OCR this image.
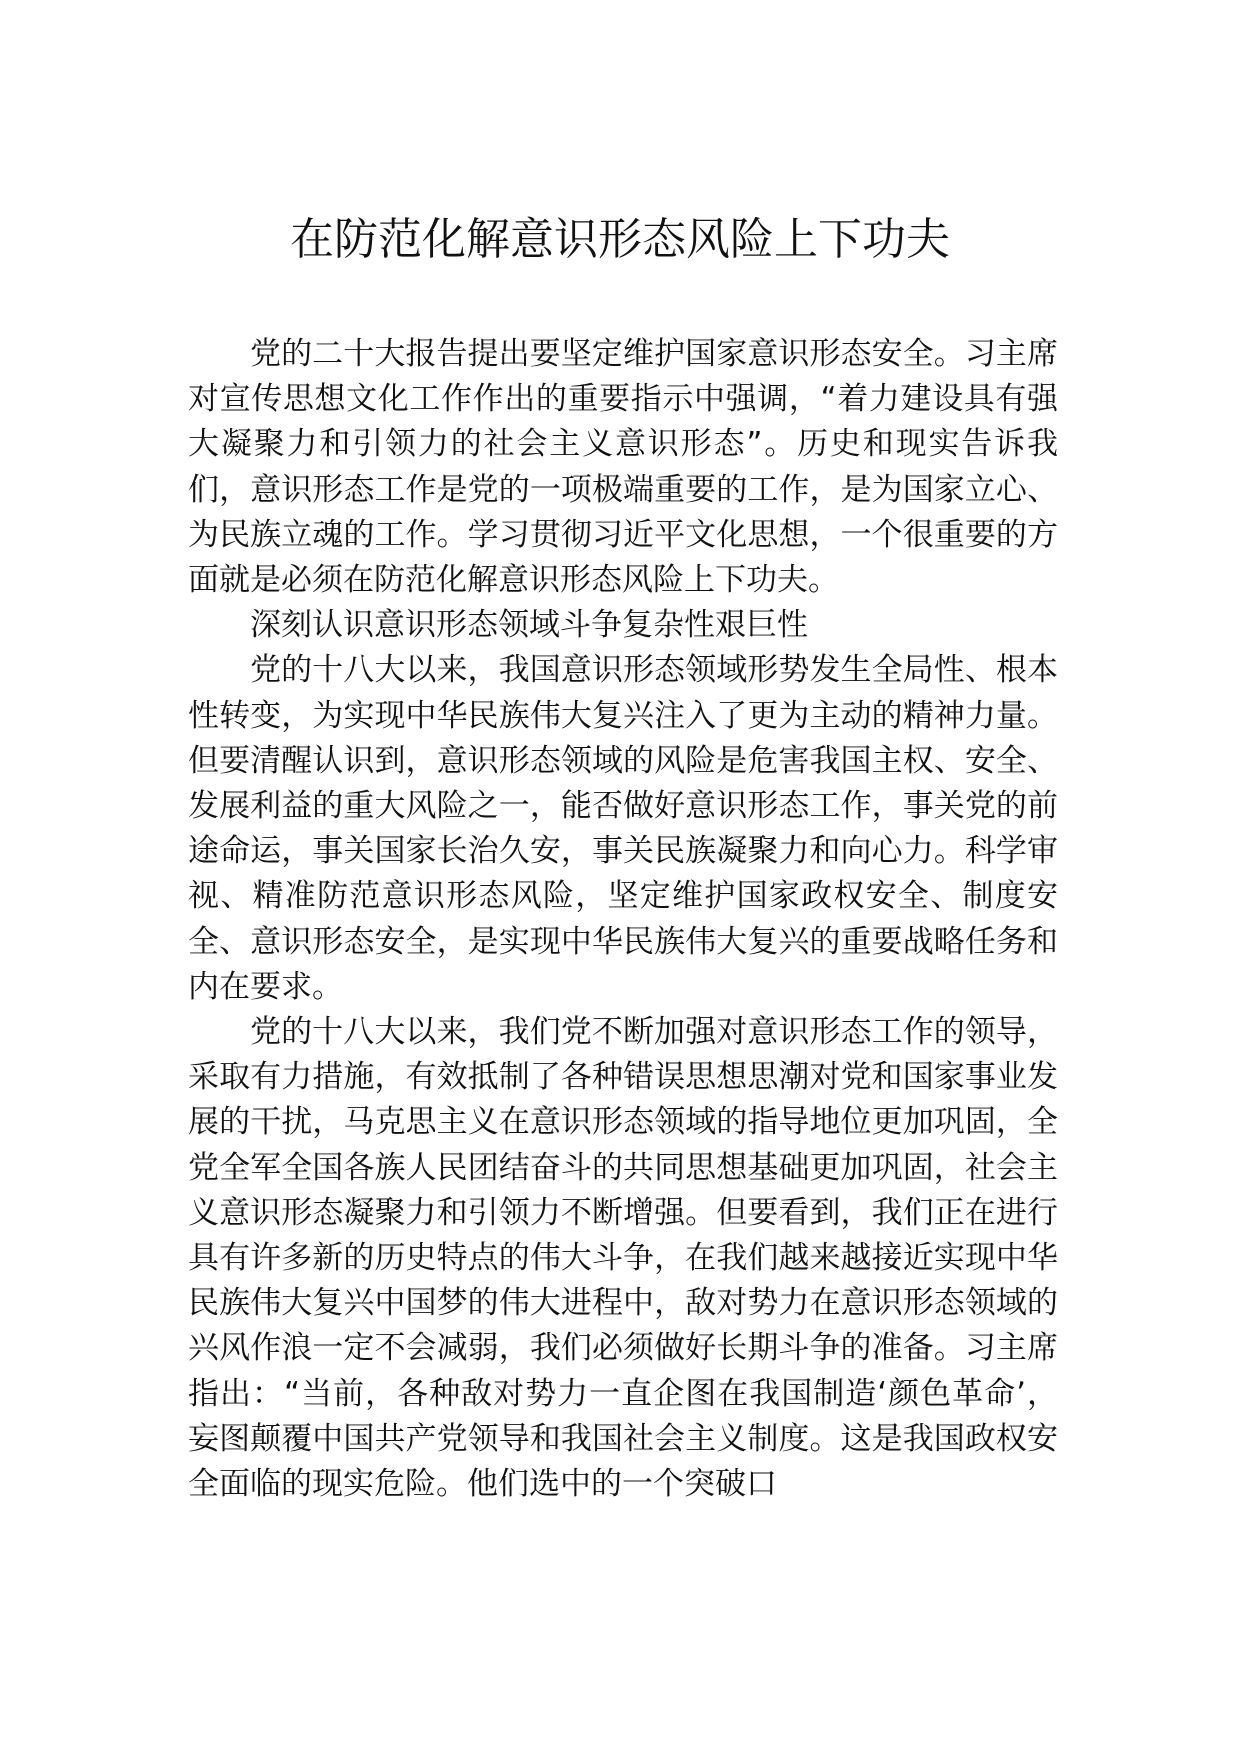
在防范化解意识形态风险上下功夫

党的二十大报告提出要坚定维护国家意识形态安全。习主席对宣传思想文化工作作出的重要指示中强调，“着力建设具有强大凝聚力和引领力的社会主义意识形态”。历史和现实告诉我们，意识形态工作是党的一项极端重要的工作，是为国家立心、为民族立魂的工作。学习贯彻习近平文化思想，一个很重要的方面就是必须在防范化解意识形态风险上下功夫。

深刻认识意识形态领域斗争复杂性艰巨性

党的十八大以来，我国意识形态领域形势发生全局性、根本性转变，为实现中华民族伟大复兴注入了更为主动的精神力量。但要清醒认识到，意识形态领域的风险是危害我国主权、安全、发展利益的重大风险之一，能否做好意识形态工作，事关党的前途命运，事关国家长治久安，事关民族凝聚力和向心力。科学审视、精准防范意识形态风险，坚定维护国家政权安全、制度安全、意识形态安全，是实现中华民族伟大复兴的重要战略任务和内在要求。

党的十八大以来，我们党不断加强对意识形态工作的领导，采取有力措施，有效抵制了各种错误思想思潮对党和国家事业发展的干扰，马克思主义在意识形态领域的指导地位更加巩固，全党全军全国各族人民团结奋斗的共同思想基础更加巩固，社会主义意识形态凝聚力和引领力不断增强。但要看到，我们正在进行具有许多新的历史特点的伟大斗争，在我们越来越接近实现中华民族伟大复兴中国梦的伟大进程中，敌对势力在意识形态领域的兴风作浪一定不会减弱，我们必须做好长期斗争的准备。习主席指出：“当前，各种敌对势力一直企图在我国制造‘颜色革命’，妄图颠覆中国共产党领导和我国社会主义制度。这是我国政权安全面临的现实危险。他们选中的一个突破口
